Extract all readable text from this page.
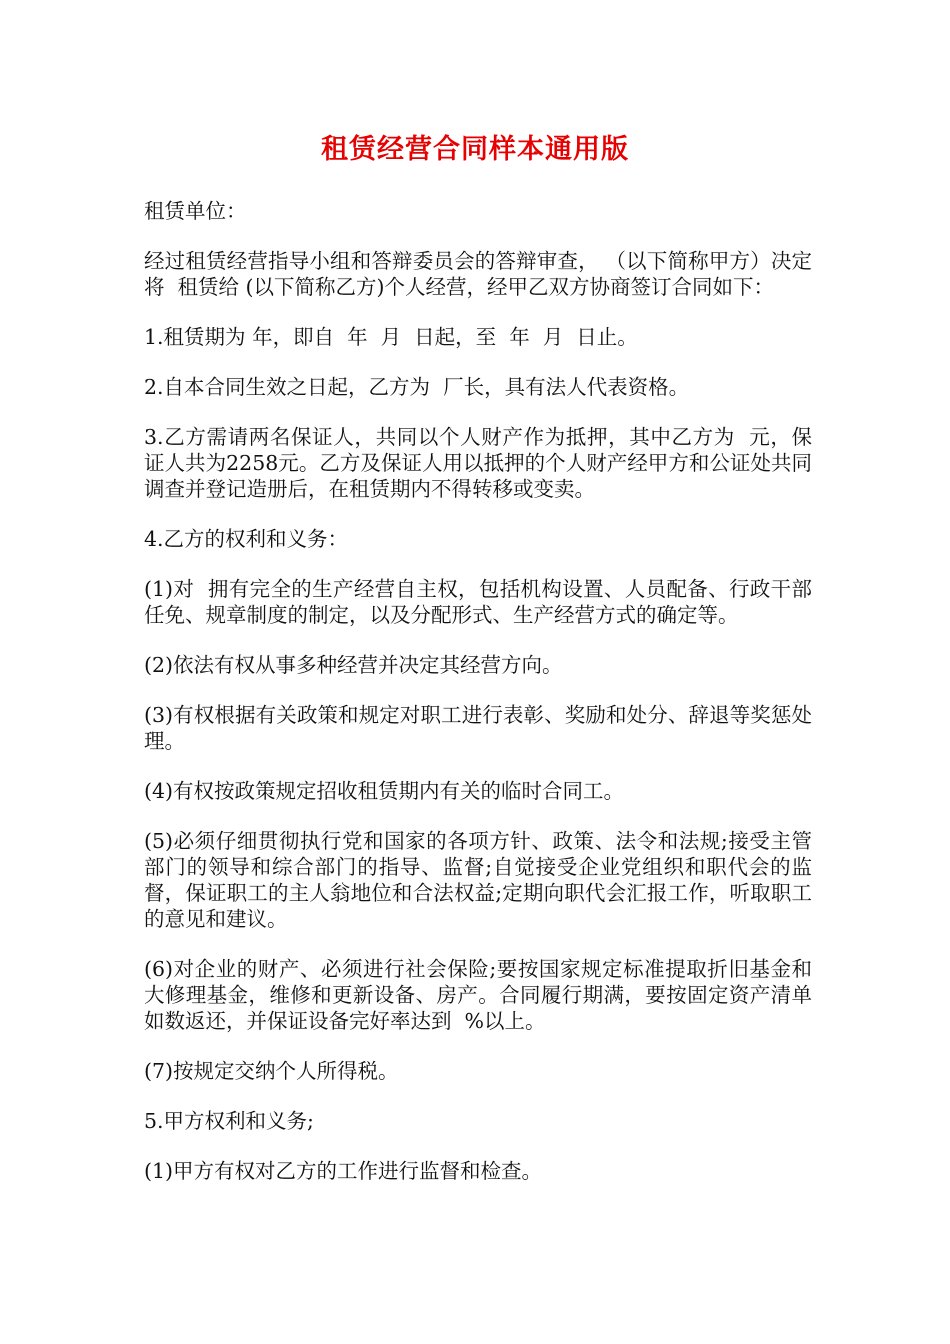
租赁经营合同样本通用版

租赁单位：

经过租赁经营指导小组和答辩委员会的答辩审查， （以下简称甲方）决定将  租赁给 (以下简称乙方)个人经营，经甲乙双方协商签订合同如下：

1.租赁期为 年，即自  年  月  日起，至  年  月  日止。

2.自本合同生效之日起，乙方为  厂长，具有法人代表资格。

3.乙方需请两名保证人，共同以个人财产作为抵押，其中乙方为  元，保证人共为2258元。乙方及保证人用以抵押的个人财产经甲方和公证处共同调查并登记造册后，在租赁期内不得转移或变卖。

4.乙方的权利和义务：

(1)对  拥有完全的生产经营自主权，包括机构设置、人员配备、行政干部任免、规章制度的制定，以及分配形式、生产经营方式的确定等。

(2)依法有权从事多种经营并决定其经营方向。

(3)有权根据有关政策和规定对职工进行表彰、奖励和处分、辞退等奖惩处理。

(4)有权按政策规定招收租赁期内有关的临时合同工。

(5)必须仔细贯彻执行党和国家的各项方针、政策、法令和法规;接受主管部门的领导和综合部门的指导、监督;自觉接受企业党组织和职代会的监督，保证职工的主人翁地位和合法权益;定期向职代会汇报工作，听取职工的意见和建议。

(6)对企业的财产、必须进行社会保险;要按国家规定标准提取折旧基金和大修理基金，维修和更新设备、房产。合同履行期满，要按固定资产清单如数返还，并保证设备完好率达到  %以上。

(7)按规定交纳个人所得税。

5.甲方权利和义务;

(1)甲方有权对乙方的工作进行监督和检查。
